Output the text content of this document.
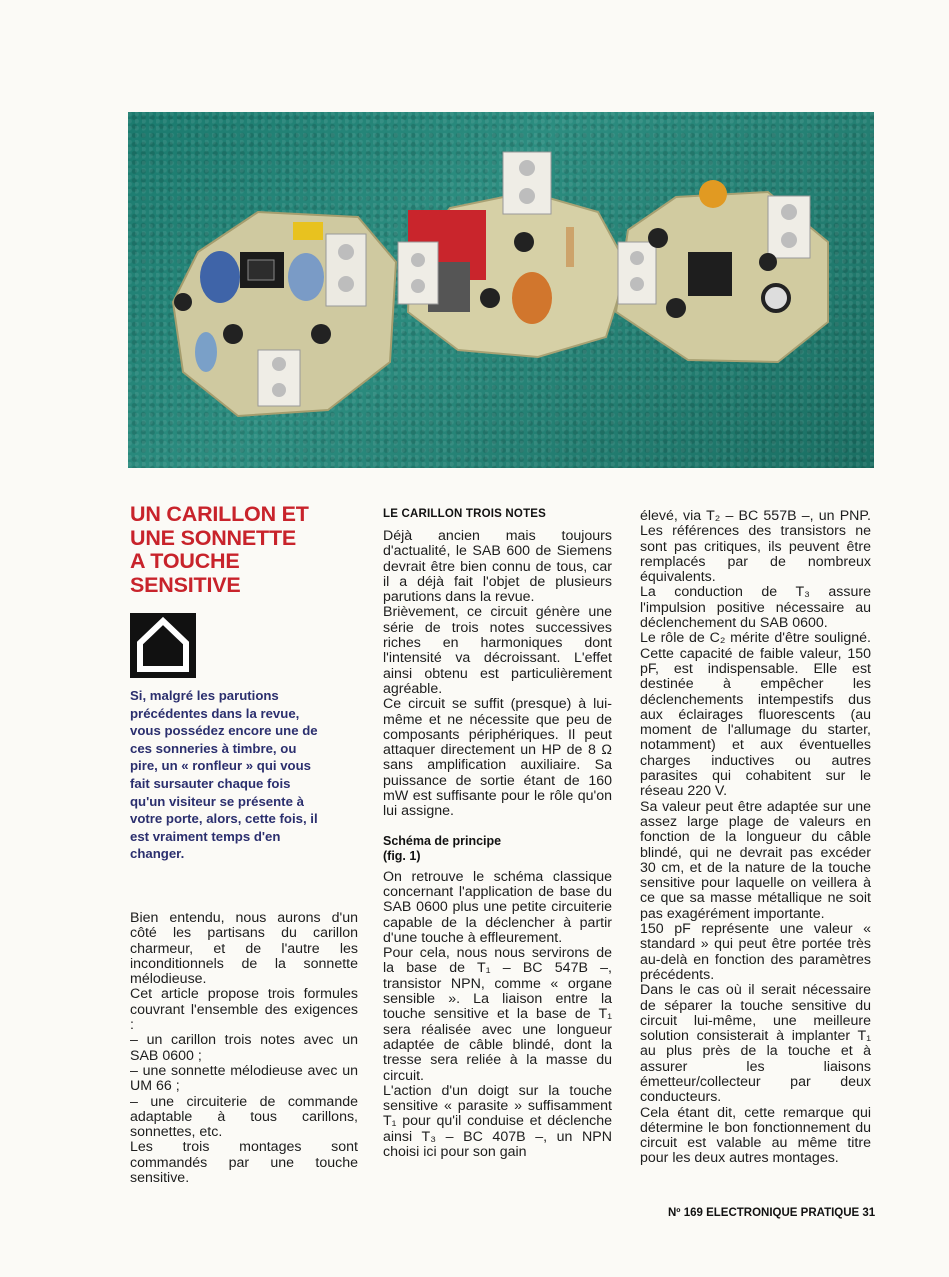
UN CARILLON ET
UNE SONNETTE
A TOUCHE
SENSITIVE

Si, malgré les parutions précédentes dans la revue, vous possédez encore une de ces sonneries à timbre, ou pire, un « ronfleur » qui vous fait sursauter chaque fois qu'un visiteur se présente à votre porte, alors, cette fois, il est vraiment temps d'en changer.

Bien entendu, nous aurons d'un côté les partisans du carillon charmeur, et de l'autre les inconditionnels de la sonnette mélodieuse.

Cet article propose trois formules couvrant l'ensemble des exigences :

– un carillon trois notes avec un SAB 0600 ;

– une sonnette mélodieuse avec un UM 66 ;

– une circuiterie de commande adaptable à tous carillons, sonnettes, etc.

Les trois montages sont commandés par une touche sensitive.

LE CARILLON TROIS NOTES

Déjà ancien mais toujours d'actualité, le SAB 600 de Siemens devrait être bien connu de tous, car il a déjà fait l'objet de plusieurs parutions dans la revue.

Brièvement, ce circuit génère une série de trois notes successives riches en harmoniques dont l'intensité va décroissant. L'effet ainsi obtenu est particulièrement agréable.

Ce circuit se suffit (presque) à lui-même et ne nécessite que peu de composants périphériques. Il peut attaquer directement un HP de 8 Ω sans amplification auxiliaire. Sa puissance de sortie étant de 160 mW est suffisante pour le rôle qu'on lui assigne.

Schéma de principe
(fig. 1)

On retrouve le schéma classique concernant l'application de base du SAB 0600 plus une petite circuiterie capable de la déclencher à partir d'une touche à effleurement.

Pour cela, nous nous servirons de la base de T₁ – BC 547B –, transistor NPN, comme « organe sensible ». La liaison entre la touche sensitive et la base de T₁ sera réalisée avec une longueur adaptée de câble blindé, dont la tresse sera reliée à la masse du circuit.

L'action d'un doigt sur la touche sensitive « parasite » suffisamment T₁ pour qu'il conduise et déclenche ainsi T₃ – BC 407B –, un NPN choisi ici pour son gain

élevé, via T₂ – BC 557B –, un PNP. Les références des transistors ne sont pas critiques, ils peuvent être remplacés par de nombreux équivalents.

La conduction de T₃ assure l'impulsion positive nécessaire au déclenchement du SAB 0600.

Le rôle de C₂ mérite d'être souligné. Cette capacité de faible valeur, 150 pF, est indispensable. Elle est destinée à empêcher les déclenchements intempestifs dus aux éclairages fluorescents (au moment de l'allumage du starter, notamment) et aux éventuelles charges inductives ou autres parasites qui cohabitent sur le réseau 220 V.

Sa valeur peut être adaptée sur une assez large plage de valeurs en fonction de la longueur du câble blindé, qui ne devrait pas excéder 30 cm, et de la nature de la touche sensitive pour laquelle on veillera à ce que sa masse métallique ne soit pas exagérément importante.

150 pF représente une valeur « standard » qui peut être portée très au-delà en fonction des paramètres précédents.

Dans le cas où il serait nécessaire de séparer la touche sensitive du circuit lui-même, une meilleure solution consisterait à implanter T₁ au plus près de la touche et à assurer les liaisons émetteur/collecteur par deux conducteurs.

Cela étant dit, cette remarque qui détermine le bon fonctionnement du circuit est valable au même titre pour les deux autres montages.

Nº 169 ELECTRONIQUE PRATIQUE 31
